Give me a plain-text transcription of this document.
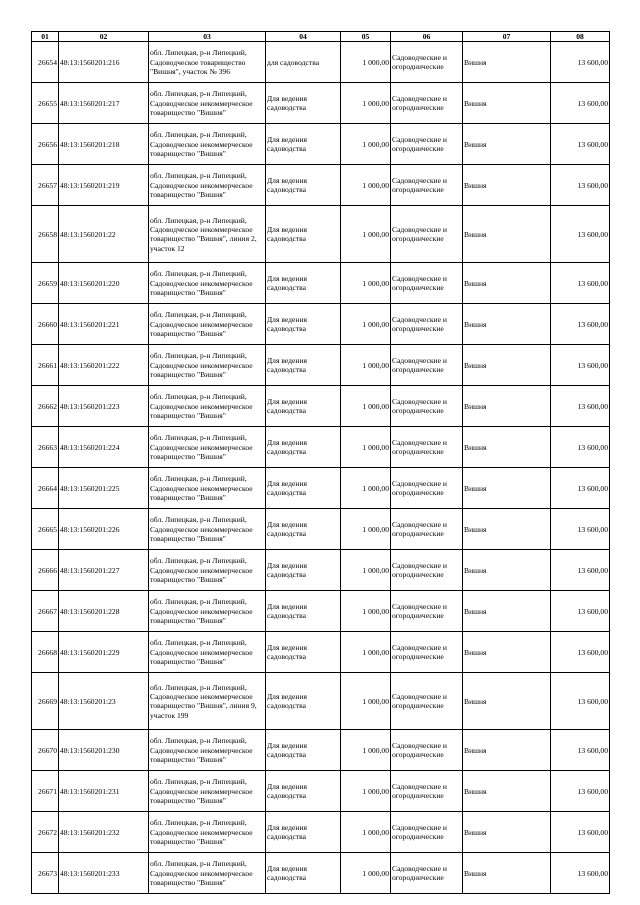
01	02	03	04	05	06	07	08
26654	48:13:1560201:216	обл. Липецкая, р-н Липецкий, Садоводческое товарищество "Вишня", участок № 396	для садоводства	1 000,00	Садоводческие и огороднические	Вишня	13 600,00
26655	48:13:1560201:217	обл. Липецкая, р-н Липецкий, Садоводческое некоммерческое товарищество "Вишня"	Для ведения садоводства	1 000,00	Садоводческие и огороднические	Вишня	13 600,00
26656	48:13:1560201:218	обл. Липецкая, р-н Липецкий, Садоводческое некоммерческое товарищество "Вишня"	Для ведения садоводства	1 000,00	Садоводческие и огороднические	Вишня	13 600,00
26657	48:13:1560201:219	обл. Липецкая, р-н Липецкий, Садоводческое некоммерческое товарищество "Вишня"	Для ведения садоводства	1 000,00	Садоводческие и огороднические	Вишня	13 600,00
26658	48:13:1560201:22	обл. Липецкая, р-н Липецкий, Садоводческое некоммерческое товарищество "Вишня", линия 2, участок 12	Для ведения садоводства	1 000,00	Садоводческие и огороднические	Вишня	13 600,00
26659	48:13:1560201:220	обл. Липецкая, р-н Липецкий, Садоводческое некоммерческое товарищество "Вишня"	Для ведения садоводства	1 000,00	Садоводческие и огороднические	Вишня	13 600,00
26660	48:13:1560201:221	обл. Липецкая, р-н Липецкий, Садоводческое некоммерческое товарищество "Вишня"	Для ведения садоводства	1 000,00	Садоводческие и огороднические	Вишня	13 600,00
26661	48:13:1560201:222	обл. Липецкая, р-н Липецкий, Садоводческое некоммерческое товарищество "Вишня"	Для ведения садоводства	1 000,00	Садоводческие и огороднические	Вишня	13 600,00
26662	48:13:1560201:223	обл. Липецкая, р-н Липецкий, Садоводческое некоммерческое товарищество "Вишня"	Для ведения садоводства	1 000,00	Садоводческие и огороднические	Вишня	13 600,00
26663	48:13:1560201:224	обл. Липецкая, р-н Липецкий, Садоводческое некоммерческое товарищество "Вишня"	Для ведения садоводства	1 000,00	Садоводческие и огороднические	Вишня	13 600,00
26664	48:13:1560201:225	обл. Липецкая, р-н Липецкий, Садоводческое некоммерческое товарищество "Вишня"	Для ведения садоводства	1 000,00	Садоводческие и огороднические	Вишня	13 600,00
26665	48:13:1560201:226	обл. Липецкая, р-н Липецкий, Садоводческое некоммерческое товарищество "Вишня"	Для ведения садоводства	1 000,00	Садоводческие и огороднические	Вишня	13 600,00
26666	48:13:1560201:227	обл. Липецкая, р-н Липецкий, Садоводческое некоммерческое товарищество "Вишня"	Для ведения садоводства	1 000,00	Садоводческие и огороднические	Вишня	13 600,00
26667	48:13:1560201:228	обл. Липецкая, р-н Липецкий, Садоводческое некоммерческое товарищество "Вишня"	Для ведения садоводства	1 000,00	Садоводческие и огороднические	Вишня	13 600,00
26668	48:13:1560201:229	обл. Липецкая, р-н Липецкий, Садоводческое некоммерческое товарищество "Вишня"	Для ведения садоводства	1 000,00	Садоводческие и огороднические	Вишня	13 600,00
26669	48:13:1560201:23	обл. Липецкая, р-н Липецкий, Садоводческое некоммерческое товарищество "Вишня", линия 9, участок 199	Для ведения садоводства	1 000,00	Садоводческие и огороднические	Вишня	13 600,00
26670	48:13:1560201:230	обл. Липецкая, р-н Липецкий, Садоводческое некоммерческое товарищество "Вишня"	Для ведения садоводства	1 000,00	Садоводческие и огороднические	Вишня	13 600,00
26671	48:13:1560201:231	обл. Липецкая, р-н Липецкий, Садоводческое некоммерческое товарищество "Вишня"	Для ведения садоводства	1 000,00	Садоводческие и огороднические	Вишня	13 600,00
26672	48:13:1560201:232	обл. Липецкая, р-н Липецкий, Садоводческое некоммерческое товарищество "Вишня"	Для ведения садоводства	1 000,00	Садоводческие и огороднические	Вишня	13 600,00
26673	48:13:1560201:233	обл. Липецкая, р-н Липецкий, Садоводческое некоммерческое товарищество "Вишня"	Для ведения садоводства	1 000,00	Садоводческие и огороднические	Вишня	13 600,00
